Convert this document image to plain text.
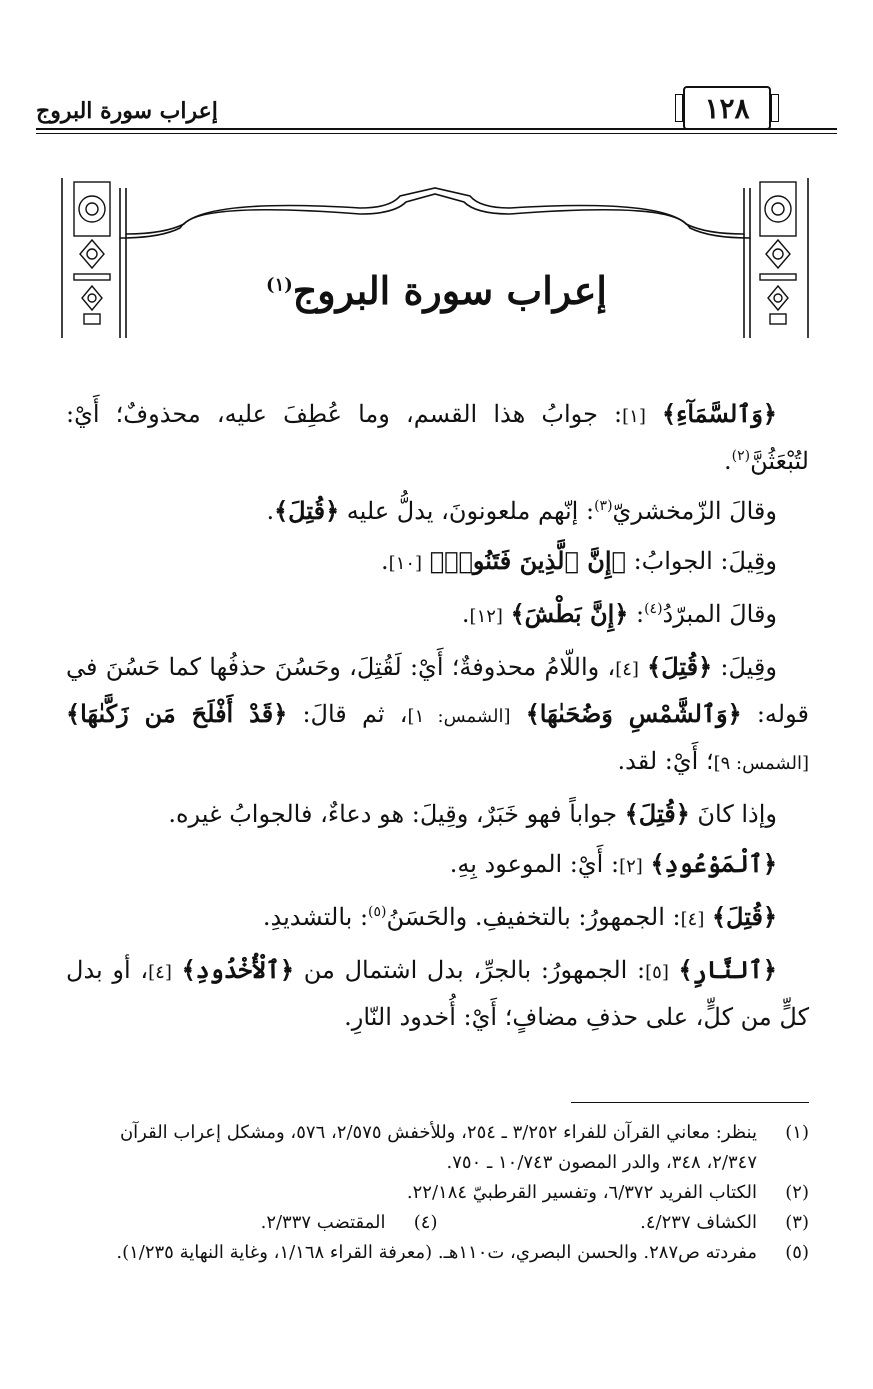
إعراب سورة البروج	١٢٨
إعراب سورة البروج$^{(١)}$

﴿وَٱلسَّمَآءِ﴾ [١]: جوابُ هذا القسم، وما عُطِفَ عليه، محذوفٌ؛ أَيْ: لتُبْعَثُنَّ$^{(٢)}$.

وقالَ الزّمخشريّ$^{(٣)}$: إنّهم ملعونونَ، يدلُّ عليه ﴿قُتِلَ﴾.

وقِيلَ: الجوابُ: ﴿إِنَّ ٱلَّذِينَ فَتَنُوا۟﴾ [١٠].

وقالَ المبرّدُ$^{(٤)}$: ﴿إِنَّ بَطْشَ﴾ [١٢].

وقِيلَ: ﴿قُتِلَ﴾ [٤]، واللّامُ محذوفةٌ؛ أَيْ: لَقُتِلَ، وحَسُنَ حذفُها كما حَسُنَ في قوله: ﴿وَٱلشَّمْسِ وَضُحَىٰهَا﴾ [الشمس: ١]، ثم قالَ: ﴿قَدْ أَفْلَحَ مَن زَكَّىٰهَا﴾ [الشمس: ٩]؛ أَيْ: لقد.

وإذا كانَ ﴿قُتِلَ﴾ جواباً فهو خَبَرٌ، وقِيلَ: هو دعاءٌ، فالجوابُ غيره.

﴿ٱلْمَوْعُودِ﴾ [٢]: أَيْ: الموعود بِهِ.

﴿قُتِلَ﴾ [٤]: الجمهورُ: بالتخفيفِ. والحَسَنُ$^{(٥)}$: بالتشديدِ.

﴿ٱلنَّارِ﴾ [٥]: الجمهورُ: بالجرِّ، بدل اشتمال من ﴿ٱلْأُخْدُودِ﴾ [٤]، أو بدل كلٍّ من كلٍّ، على حذفِ مضافٍ؛ أَيْ: أُخدود النّارِ.

(١)
ينظر: معاني القرآن للفراء ٣/٢٥٢ ـ ٢٥٤، وللأخفش ٢/٥٧٥، ٥٧٦، ومشكل إعراب القرآن ٢/٣٤٧، ٣٤٨، والدر المصون ١٠/٧٤٣ ـ ٧٥٠.
(٢)
الكتاب الفريد ٦/٣٧٢، وتفسير القرطبيّ ٢٢/١٨٤.
(٣)
الكشاف ٤/٢٣٧.
(٤)
المقتضب ٢/٣٣٧.
(٥)
مفردته ص٢٨٧. والحسن البصري، ت١١٠هـ. (معرفة القراء ١/١٦٨، وغاية النهاية ١/٢٣٥).
